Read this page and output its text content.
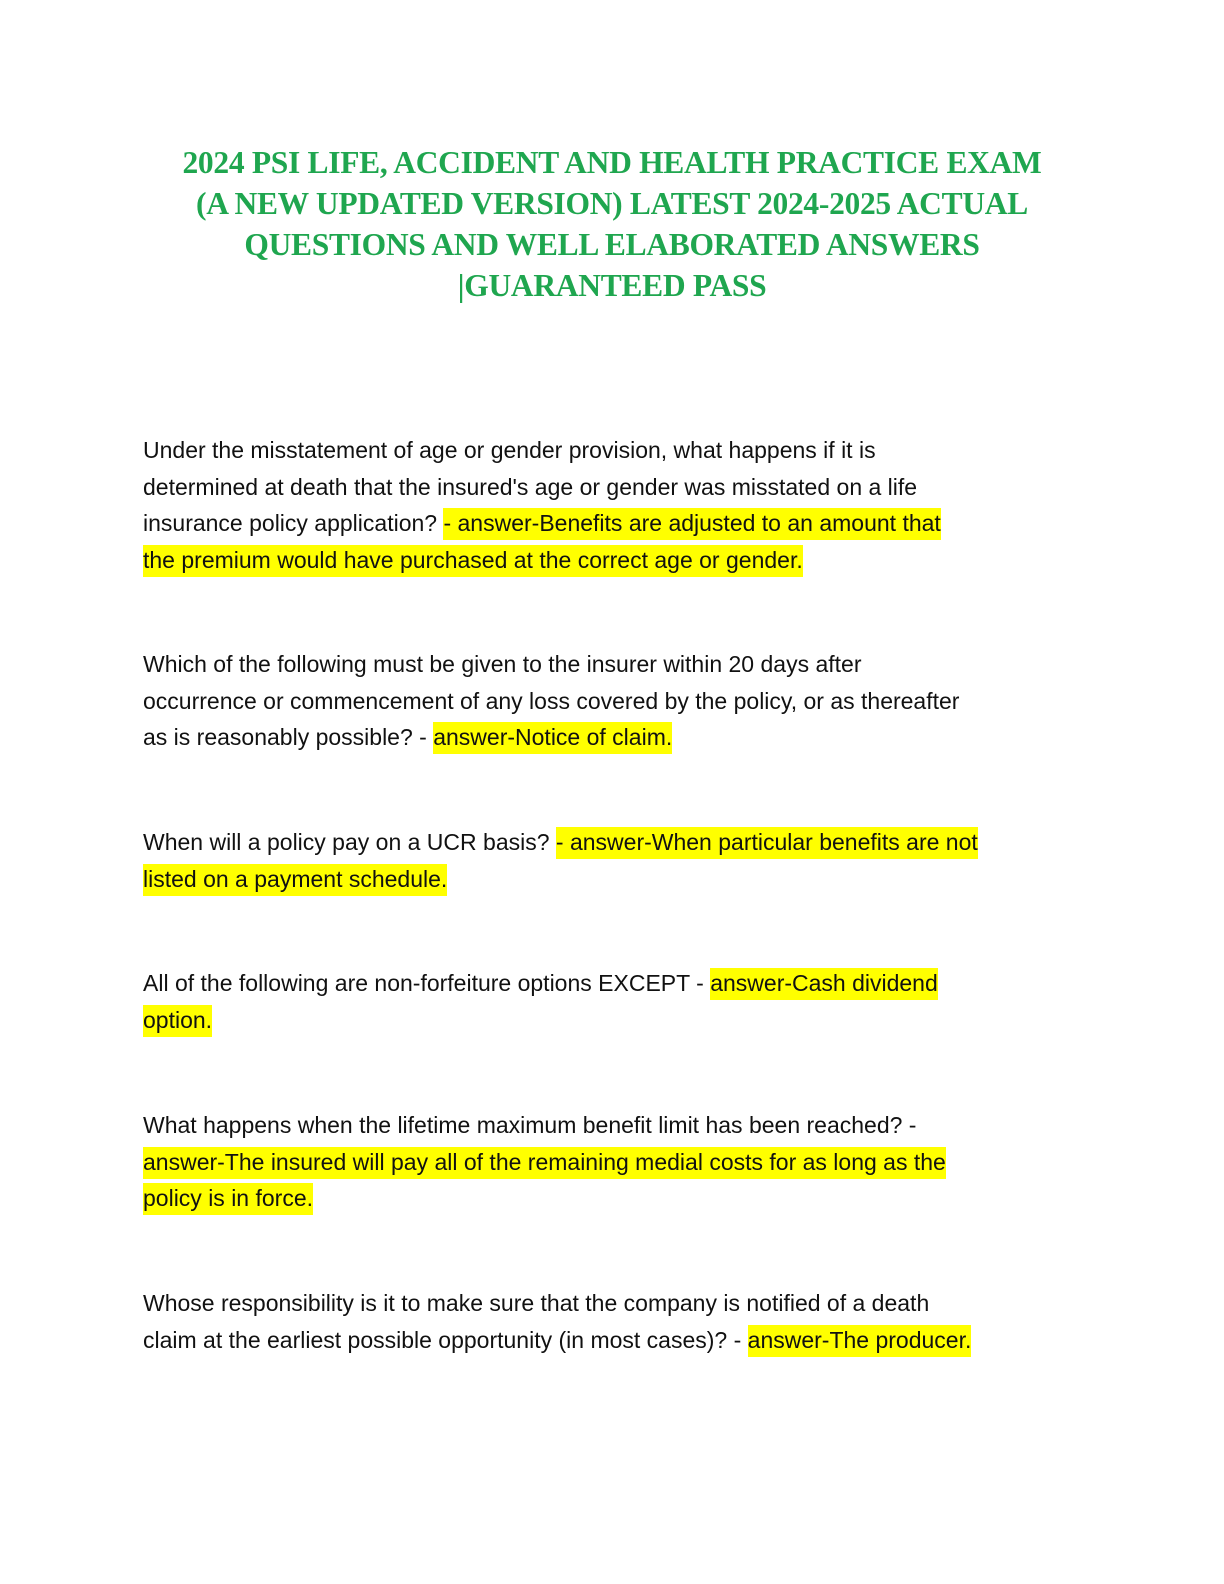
2024 PSI LIFE, ACCIDENT AND HEALTH PRACTICE EXAM
(A NEW UPDATED VERSION) LATEST 2024-2025 ACTUAL
QUESTIONS AND WELL ELABORATED ANSWERS
|GUARANTEED PASS
Under the misstatement of age or gender provision, what happens if it is
determined at death that the insured's age or gender was misstated on a life
insurance policy application? - answer-Benefits are adjusted to an amount that
the premium would have purchased at the correct age or gender.
Which of the following must be given to the insurer within 20 days after
occurrence or commencement of any loss covered by the policy, or as thereafter
as is reasonably possible? - answer-Notice of claim.
When will a policy pay on a UCR basis? - answer-When particular benefits are not
listed on a payment schedule.
All of the following are non-forfeiture options EXCEPT - answer-Cash dividend
option.
What happens when the lifetime maximum benefit limit has been reached? -
answer-The insured will pay all of the remaining medial costs for as long as the
policy is in force.
Whose responsibility is it to make sure that the company is notified of a death
claim at the earliest possible opportunity (in most cases)? - answer-The producer.
